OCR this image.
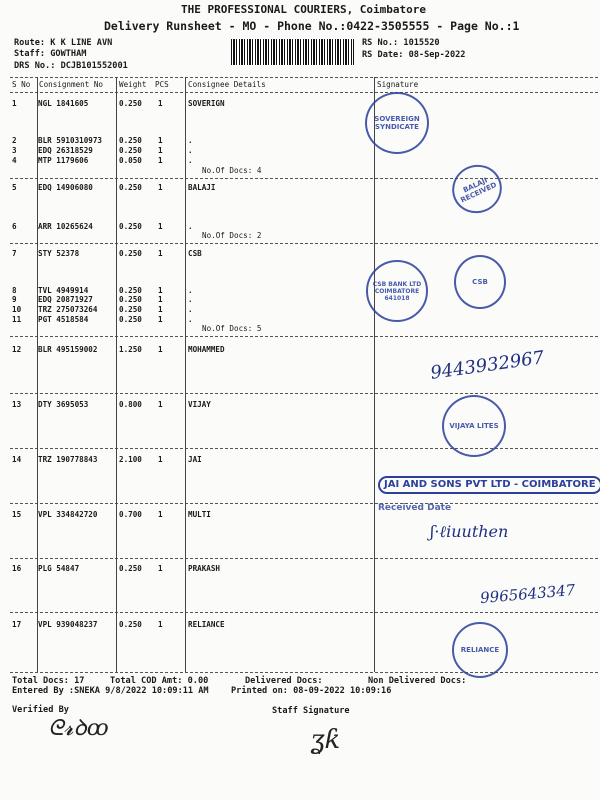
THE PROFESSIONAL COURIERS, Coimbatore
Delivery Runsheet - MO - Phone No.:0422-3505555 - Page No.:1
Route: K K LINE AVN
Staff: GOWTHAM
DRS No.: DCJB101552001
RS No.: 1015520
RS Date: 08-Sep-2022
S No Consignment No Weight PCS	Consignee Details	Signature
1	NGL 1841605	0.250 1	SOVERIGN
2	BLR 5910310973 0.250 1	.
3	EDQ 26318529	0.250 1	.
4	MTP 1179606	0.050 1	.
5	EDQ 14906080	0.250 1	BALAJI
6	ARR 10265624	0.250 1	.
7	STY 52378	0.250 1	CSB
8	TVL 4949914	0.250 1	.
9	EDQ 20871927	0.250 1	.
10 TRZ 275073264	0.250 1	.
11 PGT 4518584	0.250 1	.
12 BLR 495159002	1.250 1	MOHAMMED
13 DTY 3695053	0.800 1	VIJAY
14 TRZ 190778843	2.100 1	JAI
15 VPL 334842720	0.700 1	MULTI
16 PLG 54847	0.250 1	PRAKASH
17 VPL 939048237	0.250 1	RELIANCE
No.Of Docs: 4
No.Of Docs: 2
No.Of Docs: 5
Total Docs: 17	Total COD Amt: 0.00	Delivered Docs:	Non Delivered Docs:
Entered By :SNEKA 9/8/2022 10:09:11 AM	Printed on: 08-09-2022 10:09:16
Verified By	Staff Signature
ᘓ𝓻ꝺꝏ	ʓƙ
SOVEREIGN SYNDICATE
BALAJI RECEIVED
CSB BANK LTD COIMBATORE 641018
CSB
9443932967
VIJAYA LITES
JAI AND SONS PVT LTD - COIMBATORE
Received Date
ʃ·ℓiuuthen
9965643347
RELIANCE
